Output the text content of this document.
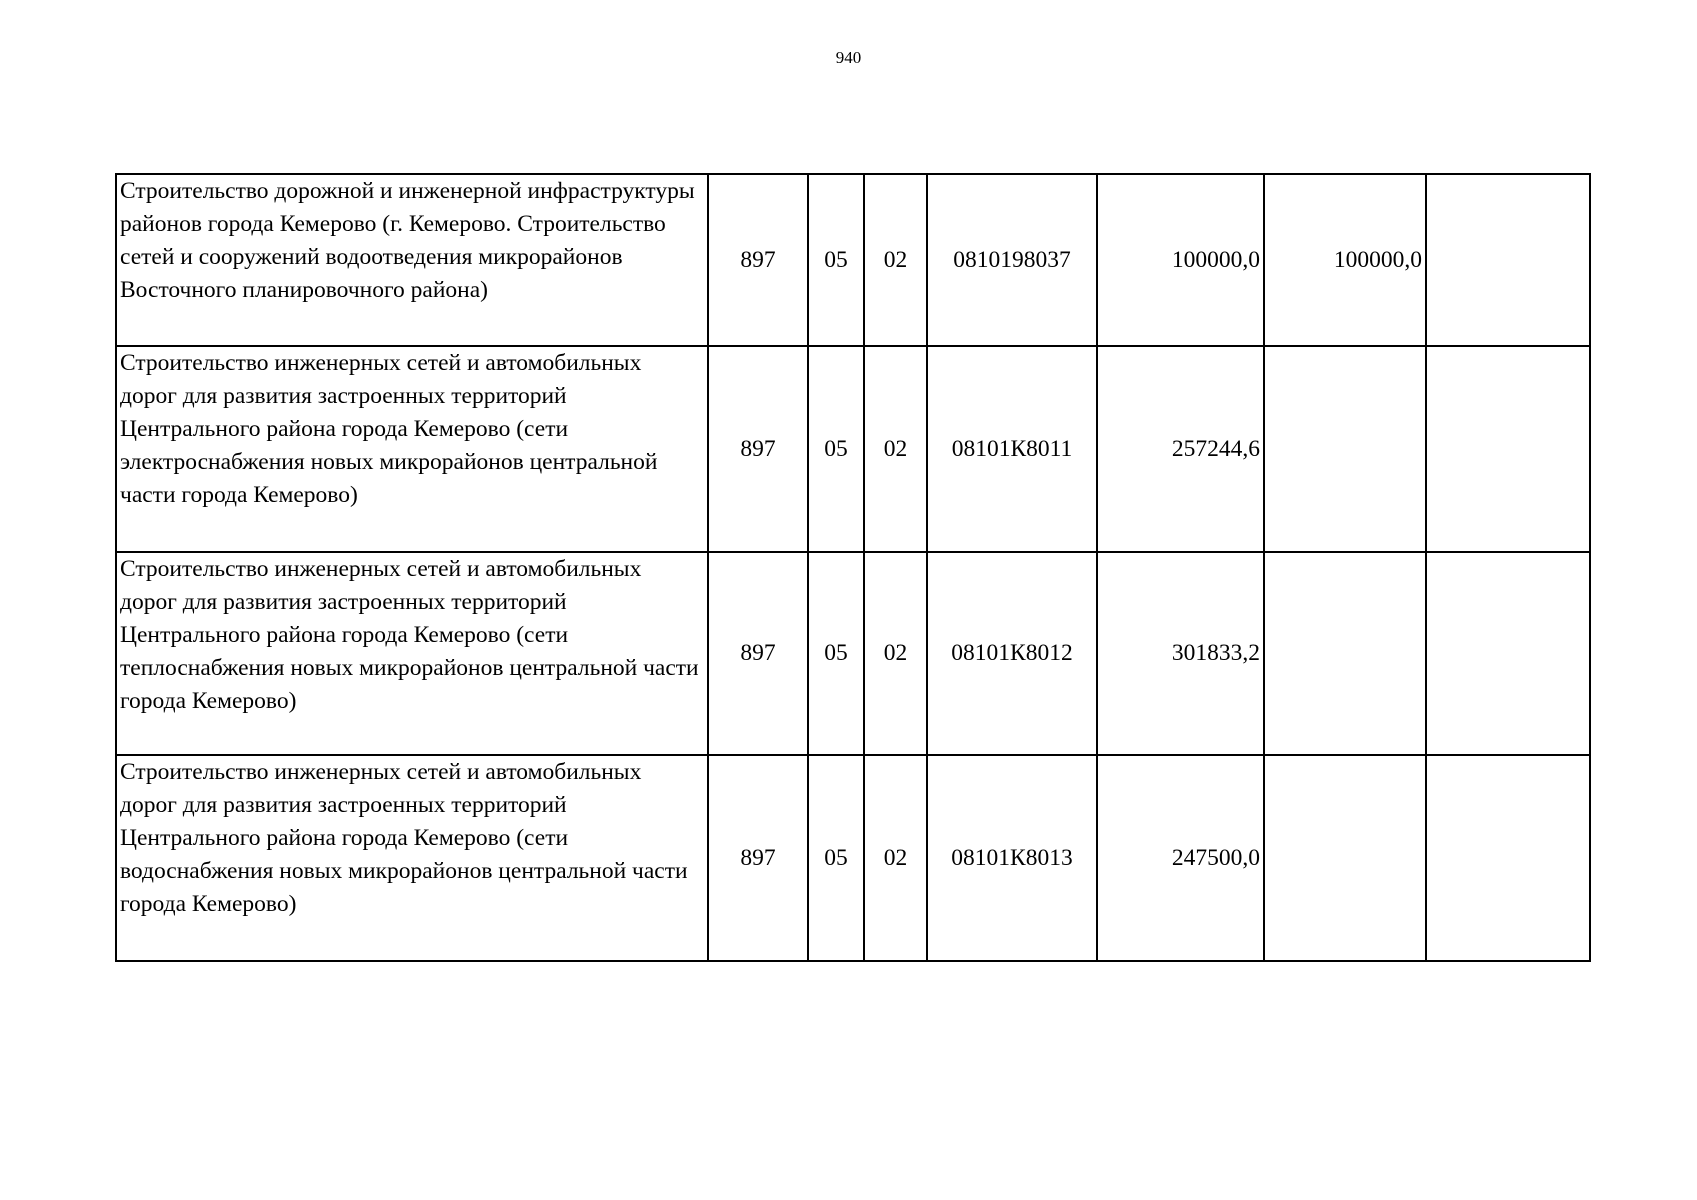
940
Строительство дорожной и инженерной инфраструктуры районов города Кемерово (г. Кемерово. Строительство сетей и сооружений водоотведения микрорайонов Восточного планировочного района)	897	05	02	0810198037	100000,0	100000,0	
Строительство инженерных сетей и автомобильных дорог для развития застроенных территорий Центрального района города Кемерово (сети электроснабжения новых микрорайонов центральной части города Кемерово)	897	05	02	08101К8011	257244,6		
Строительство инженерных сетей и автомобильных дорог для развития застроенных территорий Центрального района города Кемерово (сети теплоснабжения новых микрорайонов центральной части города Кемерово)	897	05	02	08101К8012	301833,2		
Строительство инженерных сетей и автомобильных дорог для развития застроенных территорий Центрального района города Кемерово (сети водоснабжения новых микрорайонов центральной части города Кемерово)	897	05	02	08101К8013	247500,0		
